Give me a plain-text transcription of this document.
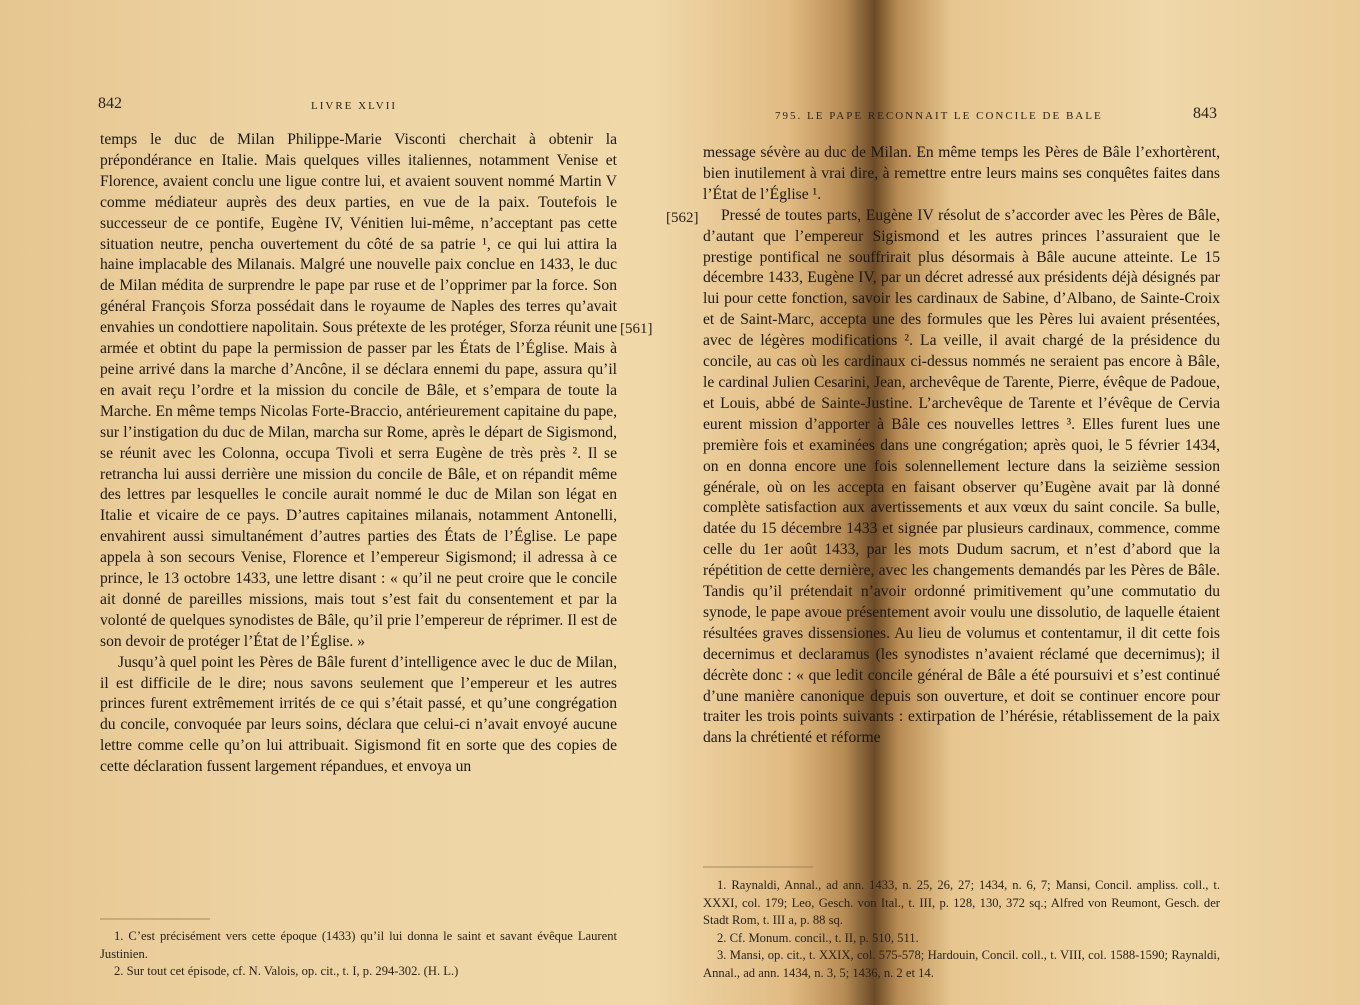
842	LIVRE XLVII

temps le duc de Milan Philippe-Marie Visconti cherchait à obtenir la prépondérance en Italie. Mais quelques villes italiennes, notamment Venise et Florence, avaient conclu une ligue contre lui, et avaient souvent nommé Martin V comme médiateur auprès des deux parties, en vue de la paix. Toutefois le successeur de ce pontife, Eugène IV, Vénitien lui-même, n’acceptant pas cette situation neutre, pencha ouvertement du côté de sa patrie ¹, ce qui lui attira la haine implacable des Milanais. Malgré une nouvelle paix conclue en 1433, le duc de Milan médita de surprendre le pape par ruse et de l’opprimer par la force. Son général François Sforza possédait dans le royaume de Naples des terres qu’avait envahies un condottiere napolitain. Sous prétexte de les protéger, Sforza réunit une armée et obtint du pape la permission de passer par les États de l’Église. Mais à peine arrivé dans la marche d’Ancône, il se déclara ennemi du pape, assura qu’il en avait reçu l’ordre et la mission du concile de Bâle, et s’empara de toute la Marche. En même temps Nicolas Forte-Braccio, antérieurement capitaine du pape, sur l’instigation du duc de Milan, marcha sur Rome, après le départ de Sigismond, se réunit avec les Colonna, occupa Tivoli et serra Eugène de très près ². Il se retrancha lui aussi derrière une mission du concile de Bâle, et on répandit même des lettres par lesquelles le concile aurait nommé le duc de Milan son légat en Italie et vicaire de ce pays. D’autres capitaines milanais, notamment Antonelli, envahirent aussi simultanément d’autres parties des États de l’Église. Le pape appela à son secours Venise, Florence et l’empereur Sigismond; il adressa à ce prince, le 13 octobre 1433, une lettre disant : « qu’il ne peut croire que le concile ait donné de pareilles missions, mais tout s’est fait du consentement et par la volonté de quelques synodistes de Bâle, qu’il prie l’empereur de réprimer. Il est de son devoir de protéger l’État de l’Église. »

Jusqu’à quel point les Pères de Bâle furent d’intelligence avec le duc de Milan, il est difficile de le dire; nous savons seulement que l’empereur et les autres princes furent extrêmement irrités de ce qui s’était passé, et qu’une congrégation du concile, convoquée par leurs soins, déclara que celui-ci n’avait envoyé aucune lettre comme celle qu’on lui attribuait. Sigismond fit en sorte que des copies de cette déclaration fussent largement répandues, et envoya un

[561]

1. C’est précisément vers cette époque (1433) qu’il lui donna le saint et savant évêque Laurent Justinien.

2. Sur tout cet épisode, cf. N. Valois, op. cit., t. I, p. 294-302. (H. L.)

795. LE PAPE RECONNAIT LE CONCILE DE BALE	843

message sévère au duc de Milan. En même temps les Pères de Bâle l’exhortèrent, bien inutilement à vrai dire, à remettre entre leurs mains ses conquêtes faites dans l’État de l’Église ¹.

Pressé de toutes parts, Eugène IV résolut de s’accorder avec les Pères de Bâle, d’autant que l’empereur Sigismond et les autres princes l’assuraient que le prestige pontifical ne souffrirait plus désormais à Bâle aucune atteinte. Le 15 décembre 1433, Eugène IV, par un décret adressé aux présidents déjà désignés par lui pour cette fonction, savoir les cardinaux de Sabine, d’Albano, de Sainte-Croix et de Saint-Marc, accepta une des formules que les Pères lui avaient présentées, avec de légères modifications ². La veille, il avait chargé de la présidence du concile, au cas où les cardinaux ci-dessus nommés ne seraient pas encore à Bâle, le cardinal Julien Cesarini, Jean, archevêque de Tarente, Pierre, évêque de Padoue, et Louis, abbé de Sainte-Justine. L’archevêque de Tarente et l’évêque de Cervia eurent mission d’apporter à Bâle ces nouvelles lettres ³. Elles furent lues une première fois et examinées dans une congrégation; après quoi, le 5 février 1434, on en donna encore une fois solennellement lecture dans la seizième session générale, où on les accepta en faisant observer qu’Eugène avait par là donné complète satisfaction aux avertissements et aux vœux du saint concile. Sa bulle, datée du 15 décembre 1433 et signée par plusieurs cardinaux, commence, comme celle du 1er août 1433, par les mots Dudum sacrum, et n’est d’abord que la répétition de cette dernière, avec les changements demandés par les Pères de Bâle. Tandis qu’il prétendait n’avoir ordonné primitivement qu’une commutatio du synode, le pape avoue présentement avoir voulu une dissolutio, de laquelle étaient résultées graves dissensiones. Au lieu de volumus et contentamur, il dit cette fois decernimus et declaramus (les synodistes n’avaient réclamé que decernimus); il décrète donc : « que ledit concile général de Bâle a été poursuivi et s’est continué d’une manière canonique depuis son ouverture, et doit se continuer encore pour traiter les trois points suivants : extirpation de l’hérésie, rétablissement de la paix dans la chrétienté et réforme

[562]

1. Raynaldi, Annal., ad ann. 1433, n. 25, 26, 27; 1434, n. 6, 7; Mansi, Concil. ampliss. coll., t. XXXI, col. 179; Leo, Gesch. von Ital., t. III, p. 128, 130, 372 sq.; Alfred von Reumont, Gesch. der Stadt Rom, t. III a, p. 88 sq.

2. Cf. Monum. concil., t. II, p. 510, 511.

3. Mansi, op. cit., t. XXIX, col. 575-578; Hardouin, Concil. coll., t. VIII, col. 1588-1590; Raynaldi, Annal., ad ann. 1434, n. 3, 5; 1436, n. 2 et 14.
